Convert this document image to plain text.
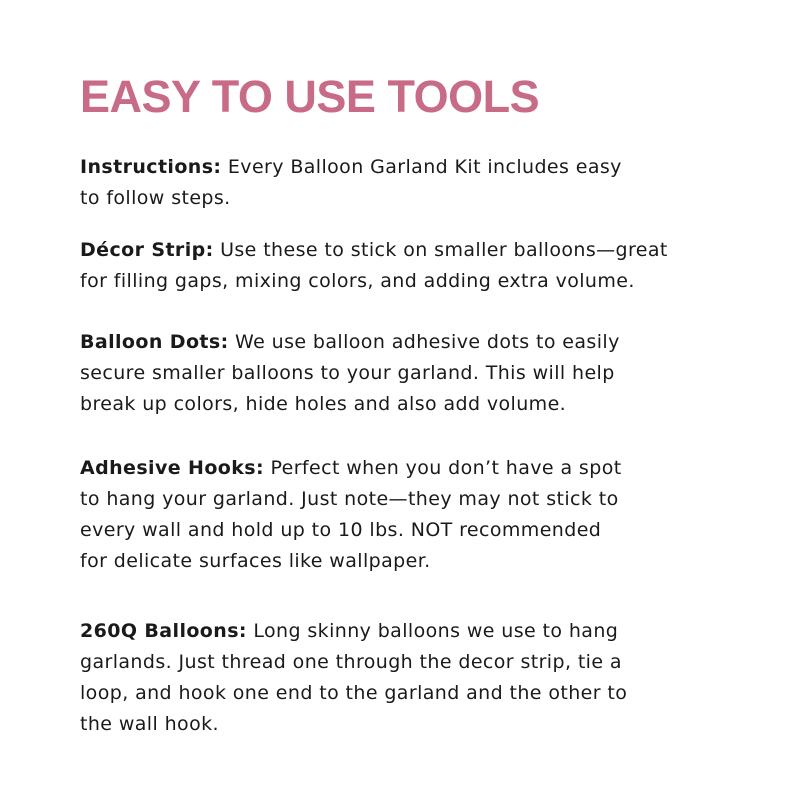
EASY TO USE TOOLS

Instructions: Every Balloon Garland Kit includes easy
to follow steps.

Décor Strip: Use these to stick on smaller balloons—great
for filling gaps, mixing colors, and adding extra volume.

Balloon Dots: We use balloon adhesive dots to easily
secure smaller balloons to your garland. This will help
break up colors, hide holes and also add volume.

Adhesive Hooks: Perfect when you don’t have a spot
to hang your garland. Just note—they may not stick to
every wall and hold up to 10 lbs. NOT recommended
for delicate surfaces like wallpaper.

260Q Balloons: Long skinny balloons we use to hang
garlands. Just thread one through the decor strip, tie a
loop, and hook one end to the garland and the other to
the wall hook.
